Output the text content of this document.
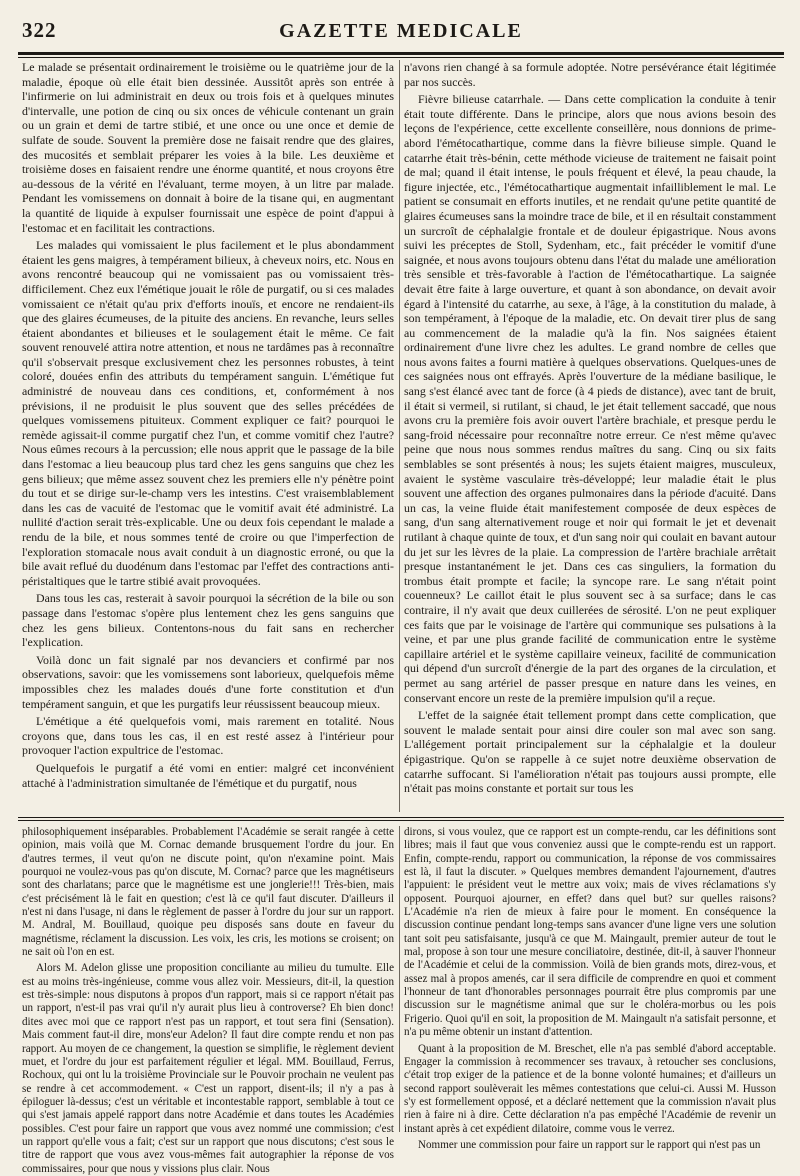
322	GAZETTE MEDICALE

Le malade se présentait ordinairement le troisième ou le quatrième jour de la maladie, époque où elle était bien dessinée. Aussitôt après son entrée à l'infirmerie on lui administrait en deux ou trois fois et à quelques minutes d'intervalle, une potion de cinq ou six onces de véhicule contenant un grain ou un grain et demi de tartre stibié, et une once ou une once et demie de sulfate de soude. Souvent la première dose ne faisait rendre que des glaires, des mucosités et semblait préparer les voies à la bile. Les deuxième et troisième doses en faisaient rendre une énorme quantité, et nous croyons être au-dessous de la vérité en l'évaluant, terme moyen, à un litre par malade. Pendant les vomissemens on donnait à boire de la tisane qui, en augmentant la quantité de liquide à expulser fournissait une espèce de point d'appui à l'estomac et en facilitait les contractions.

Les malades qui vomissaient le plus facilement et le plus abondamment étaient les gens maigres, à tempérament bilieux, à cheveux noirs, etc. Nous en avons rencontré beaucoup qui ne vomissaient pas ou vomissaient très-difficilement. Chez eux l'émétique jouait le rôle de purgatif, ou si ces malades vomissaient ce n'était qu'au prix d'efforts inouïs, et encore ne rendaient-ils que des glaires écumeuses, de la pituite des anciens. En revanche, leurs selles étaient abondantes et bilieuses et le soulagement était le même. Ce fait souvent renouvelé attira notre attention, et nous ne tardâmes pas à reconnaître qu'il s'observait presque exclusivement chez les personnes robustes, à teint coloré, douées enfin des attributs du tempérament sanguin. L'émétique fut administré de nouveau dans ces conditions, et, conformément à nos prévisions, il ne produisit le plus souvent que des selles précédées de quelques vomissemens pituiteux. Comment expliquer ce fait? pourquoi le remède agissait-il comme purgatif chez l'un, et comme vomitif chez l'autre? Nous eûmes recours à la percussion; elle nous apprit que le passage de la bile dans l'estomac a lieu beaucoup plus tard chez les gens sanguins que chez les gens bilieux; que même assez souvent chez les premiers elle n'y pénètre point du tout et se dirige sur-le-champ vers les intestins. C'est vraisemblablement dans les cas de vacuité de l'estomac que le vomitif avait été administré. La nullité d'action serait très-explicable. Une ou deux fois cependant le malade a rendu de la bile, et nous sommes tenté de croire ou que l'imperfection de l'exploration stomacale nous avait conduit à un diagnostic erroné, ou que la bile avait reflué du duodénum dans l'estomac par l'effet des contractions anti-péristaltiques que le tartre stibié avait provoquées.

Dans tous les cas, resterait à savoir pourquoi la sécrétion de la bile ou son passage dans l'estomac s'opère plus lentement chez les gens sanguins que chez les gens bilieux. Contentons-nous du fait sans en rechercher l'explication.

Voilà donc un fait signalé par nos devanciers et confirmé par nos observations, savoir: que les vomissemens sont laborieux, quelquefois même impossibles chez les malades doués d'une forte constitution et d'un tempérament sanguin, et que les purgatifs leur réussissent beaucoup mieux.

L'émétique a été quelquefois vomi, mais rarement en totalité. Nous croyons que, dans tous les cas, il en est resté assez à l'intérieur pour provoquer l'action expultrice de l'estomac.

Quelquefois le purgatif a été vomi en entier: malgré cet inconvénient attaché à l'administration simultanée de l'émétique et du purgatif, nous

n'avons rien changé à sa formule adoptée. Notre persévérance était légitimée par nos succès.

Fièvre bilieuse catarrhale. — Dans cette complication la conduite à tenir était toute différente. Dans le principe, alors que nous avions besoin des leçons de l'expérience, cette excellente conseillère, nous donnions de prime-abord l'émétocathartique, comme dans la fièvre bilieuse simple. Quand le catarrhe était très-bénin, cette méthode vicieuse de traitement ne faisait point de mal; quand il était intense, le pouls fréquent et élevé, la peau chaude, la figure injectée, etc., l'émétocathartique augmentait infailliblement le mal. Le patient se consumait en efforts inutiles, et ne rendait qu'une petite quantité de glaires écumeuses sans la moindre trace de bile, et il en résultait constamment un surcroît de céphalalgie frontale et de douleur épigastrique. Nous avons suivi les préceptes de Stoll, Sydenham, etc., fait précéder le vomitif d'une saignée, et nous avons toujours obtenu dans l'état du malade une amélioration très sensible et très-favorable à l'action de l'émétocathartique. La saignée devait être faite à large ouverture, et quant à son abondance, on devait avoir égard à l'intensité du catarrhe, au sexe, à l'âge, à la constitution du malade, à son tempérament, à l'époque de la maladie, etc. On devait tirer plus de sang au commencement de la maladie qu'à la fin. Nos saignées étaient ordinairement d'une livre chez les adultes. Le grand nombre de celles que nous avons faites a fourni matière à quelques observations. Quelques-unes de ces saignées nous ont effrayés. Après l'ouverture de la médiane basilique, le sang s'est élancé avec tant de force (à 4 pieds de distance), avec tant de bruit, il était si vermeil, si rutilant, si chaud, le jet était tellement saccadé, que nous avons cru la première fois avoir ouvert l'artère brachiale, et presque perdu le sang-froid nécessaire pour reconnaître notre erreur. Ce n'est même qu'avec peine que nous nous sommes rendus maîtres du sang. Cinq ou six faits semblables se sont présentés à nous; les sujets étaient maigres, musculeux, avaient le système vasculaire très-développé; leur maladie était le plus souvent une affection des organes pulmonaires dans la période d'acuité. Dans un cas, la veine fluide était manifestement composée de deux espèces de sang, d'un sang alternativement rouge et noir qui formait le jet et devenait rutilant à chaque quinte de toux, et d'un sang noir qui coulait en bavant autour du jet sur les lèvres de la plaie. La compression de l'artère brachiale arrêtait presque instantanément le jet. Dans ces cas singuliers, la formation du trombus était prompte et facile; la syncope rare. Le sang n'était point couenneux? Le caillot était le plus souvent sec à sa surface; dans le cas contraire, il n'y avait que deux cuillerées de sérosité. L'on ne peut expliquer ces faits que par le voisinage de l'artère qui communique ses pulsations à la veine, et par une plus grande facilité de communication entre le système capillaire artériel et le système capillaire veineux, facilité de communication qui dépend d'un surcroît d'énergie de la part des organes de la circulation, et permet au sang artériel de passer presque en nature dans les veines, en conservant encore un reste de la première impulsion qu'il a reçue.

L'effet de la saignée était tellement prompt dans cette complication, que souvent le malade sentait pour ainsi dire couler son mal avec son sang. L'allégement portait principalement sur la céphalalgie et la douleur épigastrique. Qu'on se rappelle à ce sujet notre deuxième observation de catarrhe suffocant. Si l'amélioration n'était pas toujours aussi prompte, elle n'était pas moins constante et portait sur tous les

philosophiquement inséparables. Probablement l'Académie se serait rangée à cette opinion, mais voilà que M. Cornac demande brusquement l'ordre du jour. En d'autres termes, il veut qu'on ne discute point, qu'on n'examine point. Mais pourquoi ne voulez-vous pas qu'on discute, M. Cornac? parce que les magnétiseurs sont des charlatans; parce que le magnétisme est une jonglerie!!! Très-bien, mais c'est précisément là le fait en question; c'est là ce qu'il faut discuter. D'ailleurs il n'est ni dans l'usage, ni dans le règlement de passer à l'ordre du jour sur un rapport. M. Andral, M. Bouillaud, quoique peu disposés sans doute en faveur du magnétisme, réclament la discussion. Les voix, les cris, les motions se croisent; on ne sait où l'on en est.

Alors M. Adelon glisse une proposition conciliante au milieu du tumulte. Elle est au moins très-ingénieuse, comme vous allez voir. Messieurs, dit-il, la question est très-simple: nous disputons à propos d'un rapport, mais si ce rapport n'était pas un rapport, n'est-il pas vrai qu'il n'y aurait plus lieu à controverse? Eh bien donc! dites avec moi que ce rapport n'est pas un rapport, et tout sera fini (Sensation). Mais comment faut-il dire, mons'eur Adelon? Il faut dire compte rendu et non pas rapport. Au moyen de ce changement, la question se simplifie, le règlement devient muet, et l'ordre du jour est parfaitement régulier et légal. MM. Bouillaud, Ferrus, Rochoux, qui ont lu la troisième Provinciale sur le Pouvoir prochain ne veulent pas se rendre à cet accommodement. « C'est un rapport, disent-ils; il n'y a pas à épiloguer là-dessus; c'est un véritable et incontestable rapport, semblable à tout ce qui s'est jamais appelé rapport dans notre Académie et dans toutes les Académies possibles. C'est pour faire un rapport que vous avez nommé une commission; c'est un rapport qu'elle vous a fait; c'est sur un rapport que nous discutons; c'est sous le titre de rapport que vous avez vous-mêmes fait autographier la réponse de vos commissaires, pour que nous y vissions plus clair. Nous

dirons, si vous voulez, que ce rapport est un compte-rendu, car les définitions sont libres; mais il faut que vous conveniez aussi que le compte-rendu est un rapport. Enfin, compte-rendu, rapport ou communication, la réponse de vos commissaires est là, il faut la discuter. » Quelques membres demandent l'ajournement, d'autres l'appuient: le président veut le mettre aux voix; mais de vives réclamations s'y opposent. Pourquoi ajourner, en effet? dans quel but? sur quelles raisons? L'Académie n'a rien de mieux à faire pour le moment. En conséquence la discussion continue pendant long-temps sans avancer d'une ligne vers une solution tant soit peu satisfaisante, jusqu'à ce que M. Maingault, premier auteur de tout le mal, propose à son tour une mesure conciliatoire, destinée, dit-il, à sauver l'honneur de l'Académie et celui de la commission. Voilà de bien grands mots, direz-vous, et assez mal à propos amenés, car il sera difficile de comprendre en quoi et comment l'honneur de tant d'honorables personnages pourrait être plus compromis par une discussion sur le magnétisme animal que sur le choléra-morbus ou les pois Frigerio. Quoi qu'il en soit, la proposition de M. Maingault n'a satisfait personne, et n'a pu même obtenir un instant d'attention.

Quant à la proposition de M. Breschet, elle n'a pas semblé d'abord acceptable. Engager la commission à recommencer ses travaux, à retoucher ses conclusions, c'était trop exiger de la patience et de la bonne volonté humaines; et d'ailleurs un second rapport soulèverait les mêmes contestations que celui-ci. Aussi M. Husson s'y est formellement opposé, et a déclaré nettement que la commission n'avait plus rien à faire ni à dire. Cette déclaration n'a pas empêché l'Académie de revenir un instant après à cet expédient dilatoire, comme vous le verrez.

Nommer une commission pour faire un rapport sur le rapport qui n'est pas un
